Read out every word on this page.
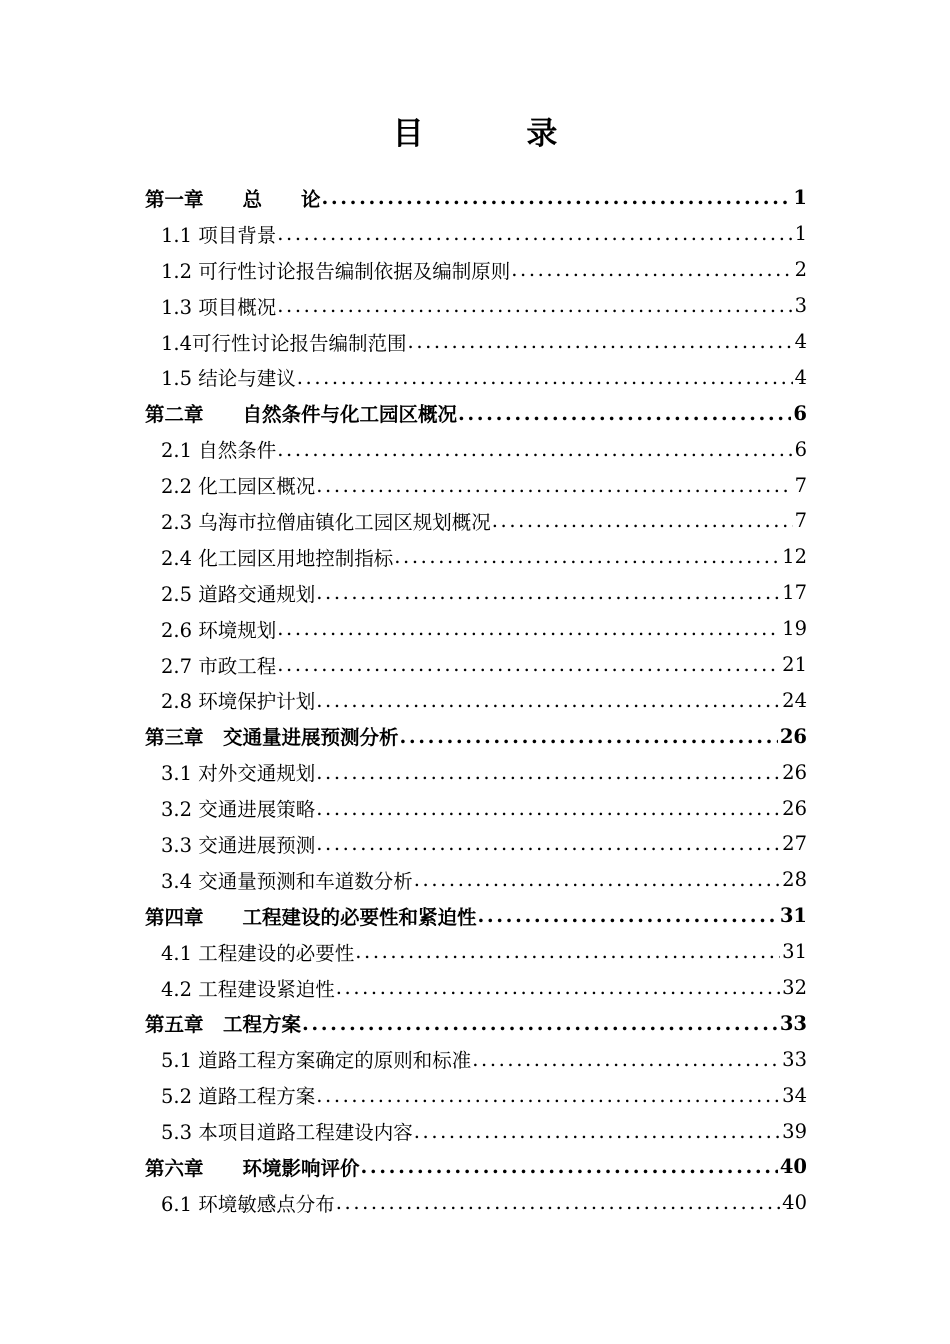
目 录
第一章　　总　　论 .....	1
1.1 项目背景 .....	1
1.2 可行性讨论报告编制依据及编制原则 .....	2
1.3 项目概况 .....	3
1.4可行性讨论报告编制范围 .....	4
1.5 结论与建议 .....	4
第二章　　自然条件与化工园区概况 .....	6
2.1 自然条件 .....	6
2.2 化工园区概况 .....	7
2.3 乌海市拉僧庙镇化工园区规划概况 .....	7
2.4 化工园区用地控制指标 .....	12
2.5 道路交通规划 .....	17
2.6 环境规划 .....	19
2.7 市政工程 .....	21
2.8 环境保护计划 .....	24
第三章　交通量进展预测分析 .....	26
3.1 对外交通规划 .....	26
3.2 交通进展策略 .....	26
3.3 交通进展预测 .....	27
3.4 交通量预测和车道数分析 .....	28
第四章　　工程建设的必要性和紧迫性 .....	31
4.1 工程建设的必要性 .....	31
4.2 工程建设紧迫性 .....	32
第五章　工程方案 .....	33
5.1 道路工程方案确定的原则和标准 .....	33
5.2 道路工程方案 .....	34
5.3 本项目道路工程建设内容 .....	39
第六章　　环境影响评价 .....	40
6.1 环境敏感点分布 .....	40
